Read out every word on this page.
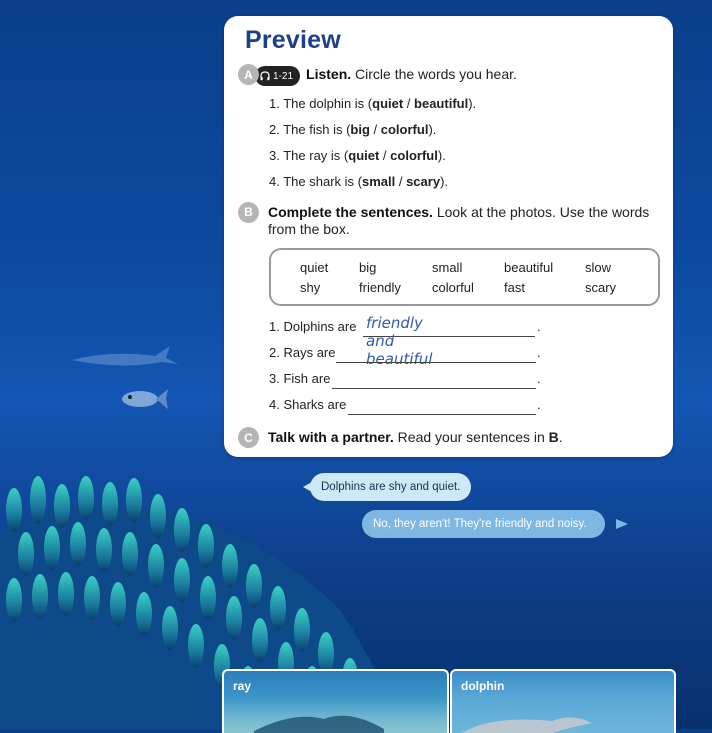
Preview
A	1-21 Listen.
Circle the words you hear.
1. The dolphin is (quiet / beautiful).
2. The fish is (big / colorful).
3. The ray is (quiet / colorful).
4. The shark is (small / scary).
B	Complete the sentences. Look at the photos. Use the words from the box.
quiet big	small	beautiful slow
shy	friendly colorful fast	scary
1. Dolphins are friendly and beautiful
.
2. Rays are	.
3. Fish are	.
4. Sharks are	.
C	Talk with a partner. Read your sentences in B.
Dolphins are shy and quiet.
No, they aren't! They're friendly and noisy.
ray	dolphin
